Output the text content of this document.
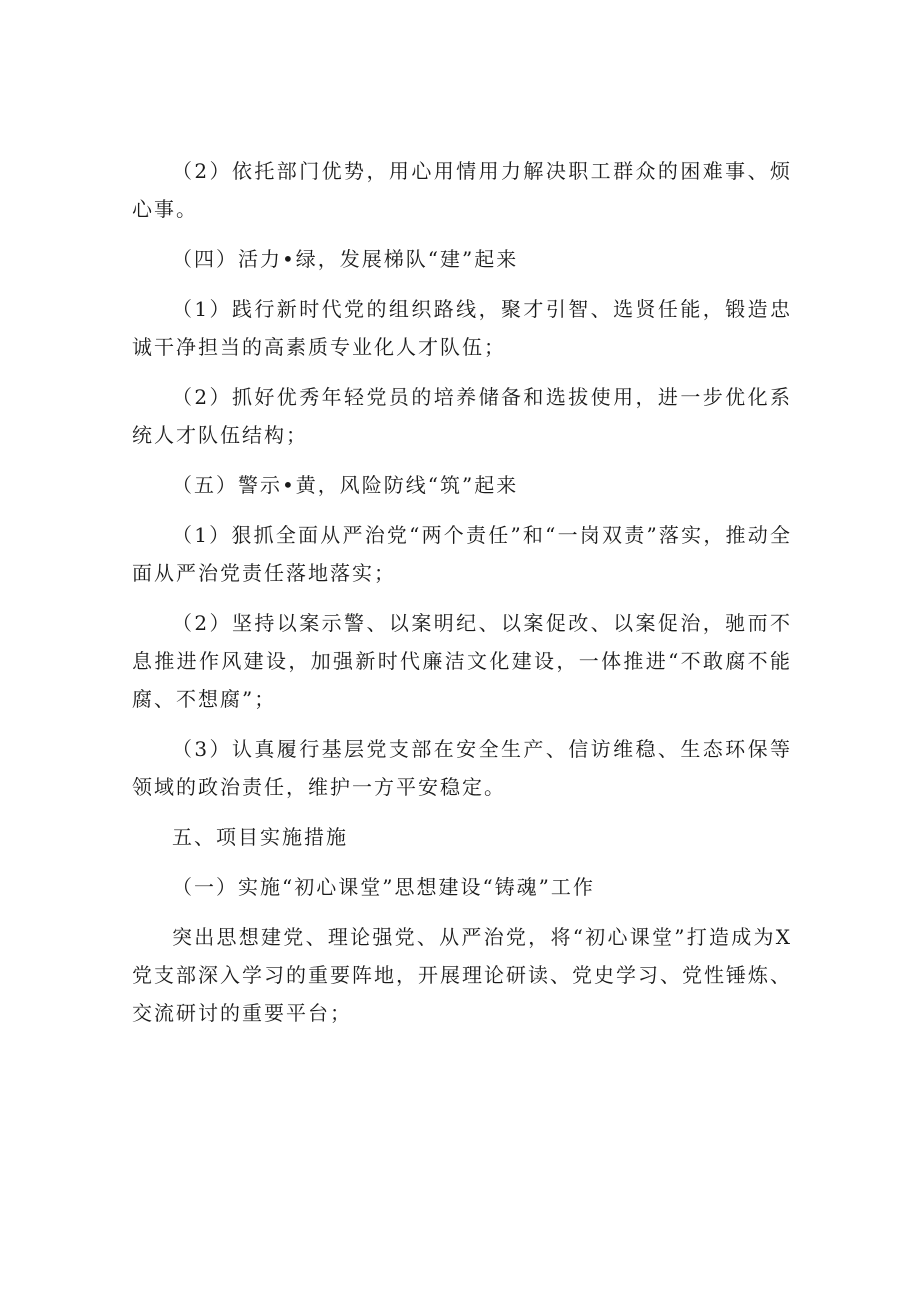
（2）依托部门优势，用心用情用力解决职工群众的困难事、烦心事。

（四）活力•绿，发展梯队“建”起来

（1）践行新时代党的组织路线，聚才引智、选贤任能，锻造忠诚干净担当的高素质专业化人才队伍；

（2）抓好优秀年轻党员的培养储备和选拔使用，进一步优化系统人才队伍结构；

（五）警示•黄，风险防线“筑”起来

（1）狠抓全面从严治党“两个责任”和“一岗双责”落实，推动全面从严治党责任落地落实；

（2）坚持以案示警、以案明纪、以案促改、以案促治，驰而不息推进作风建设，加强新时代廉洁文化建设，一体推进“不敢腐不能腐、不想腐”；

（3）认真履行基层党支部在安全生产、信访维稳、生态环保等领域的政治责任，维护一方平安稳定。

五、项目实施措施

（一）实施“初心课堂”思想建设“铸魂”工作

突出思想建党、理论强党、从严治党，将“初心课堂”打造成为X党支部深入学习的重要阵地，开展理论研读、党史学习、党性锤炼、交流研讨的重要平台；
